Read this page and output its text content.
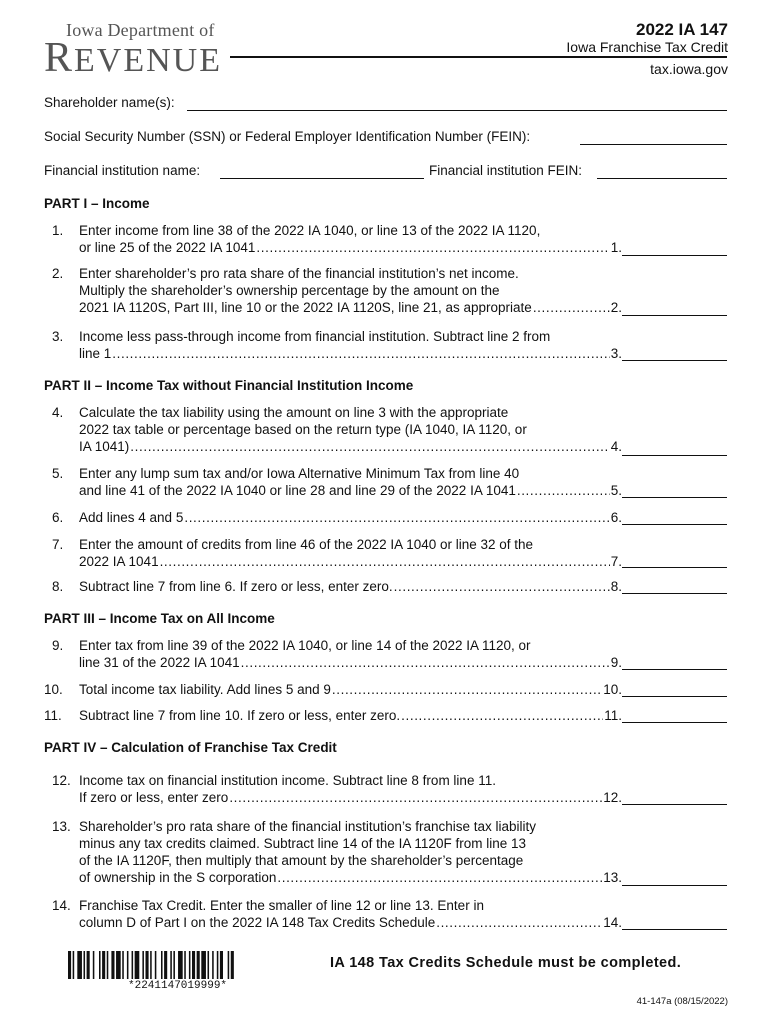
Iowa Department of
REVENUE
2022 IA 147
Iowa Franchise Tax Credit
tax.iowa.gov
Shareholder name(s):
Social Security Number (SSN) or Federal Employer Identification Number (FEIN):
Financial institution name:	Financial institution FEIN:
PART I – Income
1. Enter income from line 38 of the 2022 IA 1040, or line 13 of the 2022 IA 1120,
or line 25 of the 2022 IA 1041 .....	1.
2. Enter shareholder’s pro rata share of the financial institution’s net income.
Multiply the shareholder’s ownership percentage by the amount on the
2021 IA 1120S, Part III, line 10 or the 2022 IA 1120S, line 21, as appropriate .....	2.
3. Income less pass-through income from financial institution. Subtract line 2 from
line 1 .....	3.
PART II – Income Tax without Financial Institution Income
4. Calculate the tax liability using the amount on line 3 with the appropriate
2022 tax table or percentage based on the return type (IA 1040, IA 1120, or
IA 1041) .....	4.
5. Enter any lump sum tax and/or Iowa Alternative Minimum Tax from line 40
and line 41 of the 2022 IA 1040 or line 28 and line 29 of the 2022 IA 1041 .....	5.
6. Add lines 4 and 5 .....	6.
7. Enter the amount of credits from line 46 of the 2022 IA 1040 or line 32 of the
2022 IA 1041 .....	7.
8. Subtract line 7 from line 6. If zero or less, enter zero. .....	8.
PART III – Income Tax on All Income
9. Enter tax from line 39 of the 2022 IA 1040, or line 14 of the 2022 IA 1120, or
line 31 of the 2022 IA 1041 .....	9.
10. Total income tax liability. Add lines 5 and 9 .....	10.
11. Subtract line 7 from line 10. If zero or less, enter zero. .....	11.
PART IV – Calculation of Franchise Tax Credit
12. Income tax on financial institution income. Subtract line 8 from line 11.
If zero or less, enter zero .....	12.
13. Shareholder’s pro rata share of the financial institution’s franchise tax liability
minus any tax credits claimed. Subtract line 14 of the IA 1120F from line 13
of the IA 1120F, then multiply that amount by the shareholder’s percentage
of ownership in the S corporation .....	13.
14. Franchise Tax Credit. Enter the smaller of line 12 or line 13. Enter in
column D of Part I on the 2022 IA 148 Tax Credits Schedule .....	14.
*2241147019999*
IA 148 Tax Credits Schedule must be completed.
41-147a (08/15/2022)
